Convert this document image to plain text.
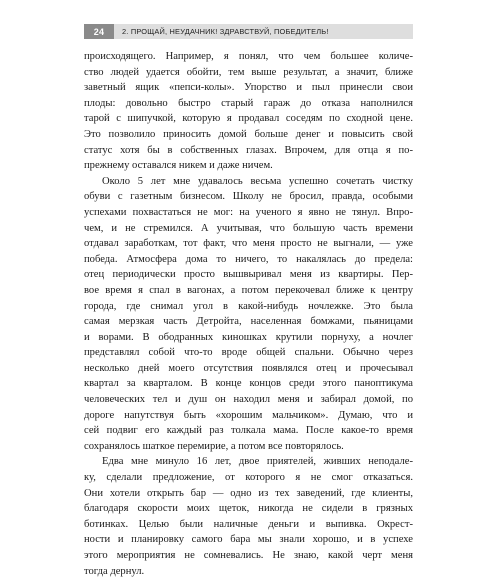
24	2. ПРОЩАЙ, НЕУДАЧНИК! ЗДРАВСТВУЙ, ПОБЕДИТЕЛЬ!
происходящего. Например, я понял, что чем большее количе-
ство людей удается обойти, тем выше результат, а значит, ближе
заветный ящик «пепси-колы». Упорство и пыл принесли свои
плоды: довольно быстро старый гараж до отказа наполнился
тарой с шипучкой, которую я продавал соседям по сходной цене.
Это позволило приносить домой больше денег и повысить свой
статус хотя бы в собственных глазах. Впрочем, для отца я по-
прежнему оставался никем и даже ничем.
Около 5 лет мне удавалось весьма успешно сочетать чистку
обуви с газетным бизнесом. Школу не бросил, правда, особыми
успехами похвастаться не мог: на ученого я явно не тянул. Впро-
чем, и не стремился. А учитывая, что большую часть времени
отдавал заработкам, тот факт, что меня просто не выгнали, — уже
победа. Атмосфера дома то ничего, то накалялась до предела:
отец периодически просто вышвыривал меня из квартиры. Пер-
вое время я спал в вагонах, а потом перекочевал ближе к центру
города, где снимал угол в какой-нибудь ночлежке. Это была
самая мерзкая часть Детройта, населенная бомжами, пьяницами
и ворами. В ободранных киношках крутили порнуху, а ночлег
представлял собой что-то вроде общей спальни. Обычно через
несколько дней моего отсутствия появлялся отец и прочесывал
квартал за кварталом. В конце концов среди этого паноптикума
человеческих тел и душ он находил меня и забирал домой, по
дороге напутствуя быть «хорошим мальчиком». Думаю, что и
сей подвиг его каждый раз толкала мама. После какое-то время
сохранялось шаткое перемирие, а потом все повторялось.
Едва мне минуло 16 лет, двое приятелей, живших неподале-
ку, сделали предложение, от которого я не смог отказаться.
Они хотели открыть бар — одно из тех заведений, где клиенты,
благодаря скорости моих щеток, никогда не сидели в грязных
ботинках. Целью были наличные деньги и выпивка. Окрест-
ности и планировку самого бара мы знали хорошо, и в успехе
этого мероприятия не сомневались. Не знаю, какой черт меня
тогда дернул.
